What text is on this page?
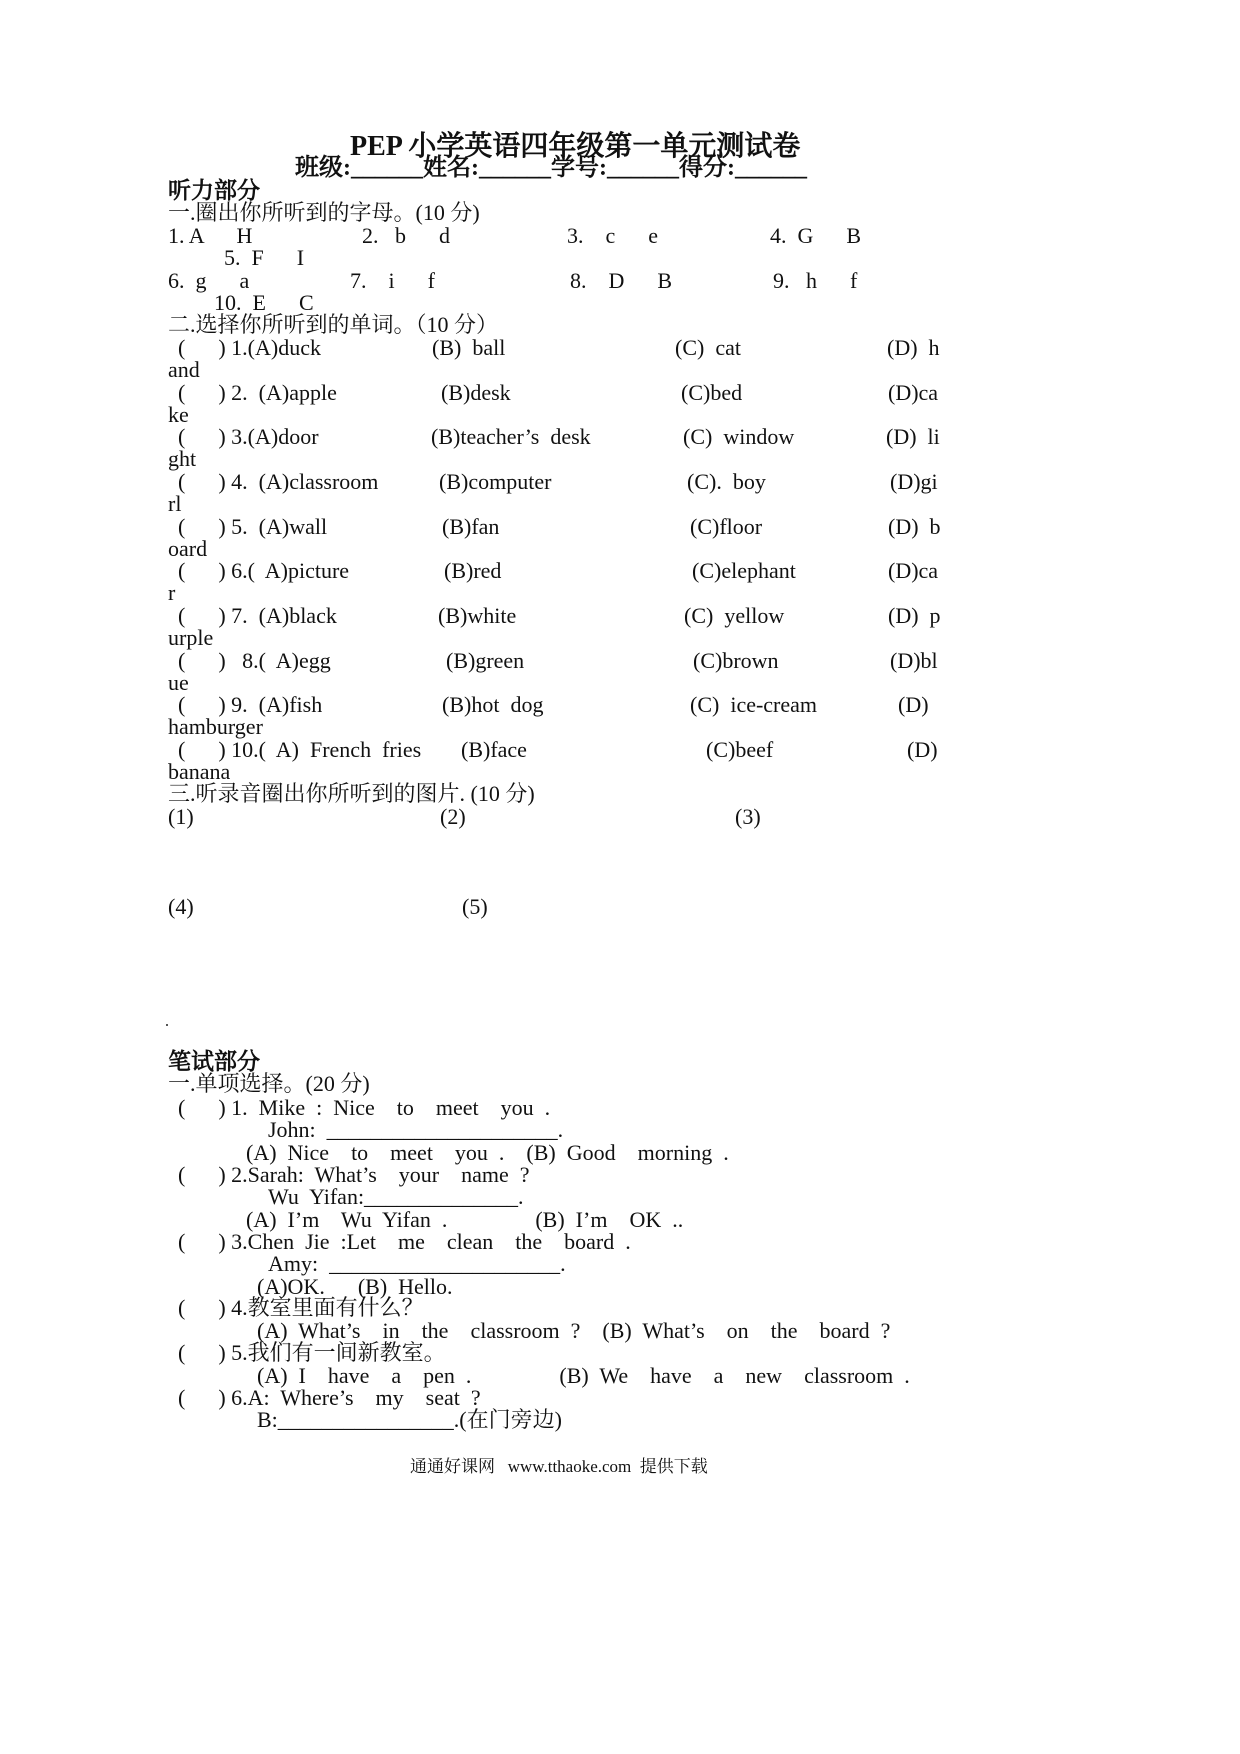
PEP 小学英语四年级第一单元测试卷
班级:______姓名:______学号:______得分:______
听力部分
一.圈出你所听到的字母。(10 分)
1. A      H	2.   b      d	3.    c      e	4.  G      B
5.  F      I
6.  g      a	7.    i      f	8.    D      B	9.   h      f
10.  E      C
二.选择你所听到的单词。（10 分）
(      ) 1.(A)duck	(B)  ball	(C)  cat	(D)  h
and
(      ) 2.  (A)apple	(B)desk	(C)bed	(D)ca
ke
(      ) 3.(A)door	(B)teacher’s  desk	(C)  window	(D)  li
ght
(      ) 4.  (A)classroom	(B)computer	(C).  boy	(D)gi
rl
(      ) 5.  (A)wall	(B)fan	(C)floor	(D)  b
oard
(      ) 6.(  A)picture	(B)red	(C)elephant	(D)ca
r
(      ) 7.  (A)black	(B)white	(C)  yellow	(D)  p
urple
(      )   8.(  A)egg	(B)green	(C)brown	(D)bl
ue
(      ) 9.  (A)fish	(B)hot  dog	(C)  ice-cream	(D)
hamburger
(      ) 10.(  A)  French  fries (B)face	(C)beef	(D)
banana
三.听录音圈出你所听到的图片. (10 分)
(1)	(2)	(3)
(4)	(5)
笔试部分
一.单项选择。(20 分)
(      ) 1.  Mike  :  Nice    to    meet    you  .
John:  _____________________.
(A)  Nice    to    meet    you  .    (B)  Good    morning  .
(      ) 2.Sarah:  What’s    your    name  ?
Wu  Yifan:______________.
(A)  I’m    Wu  Yifan  .                (B)  I’m    OK  ..
(      ) 3.Chen  Jie  :Let    me    clean    the    board  .
Amy:  _____________________.
(A)OK.      (B)  Hello.
(      ) 4.教室里面有什么？
(A)  What’s    in    the    classroom  ?    (B)  What’s    on    the    board  ?
(      ) 5.我们有一间新教室。
(A)  I    have    a    pen  .                (B)  We    have    a    new    classroom  .
(      ) 6.A:  Where’s    my    seat  ?
B:________________.(在门旁边)
通通好课网   www.tthaoke.com  提供下载
